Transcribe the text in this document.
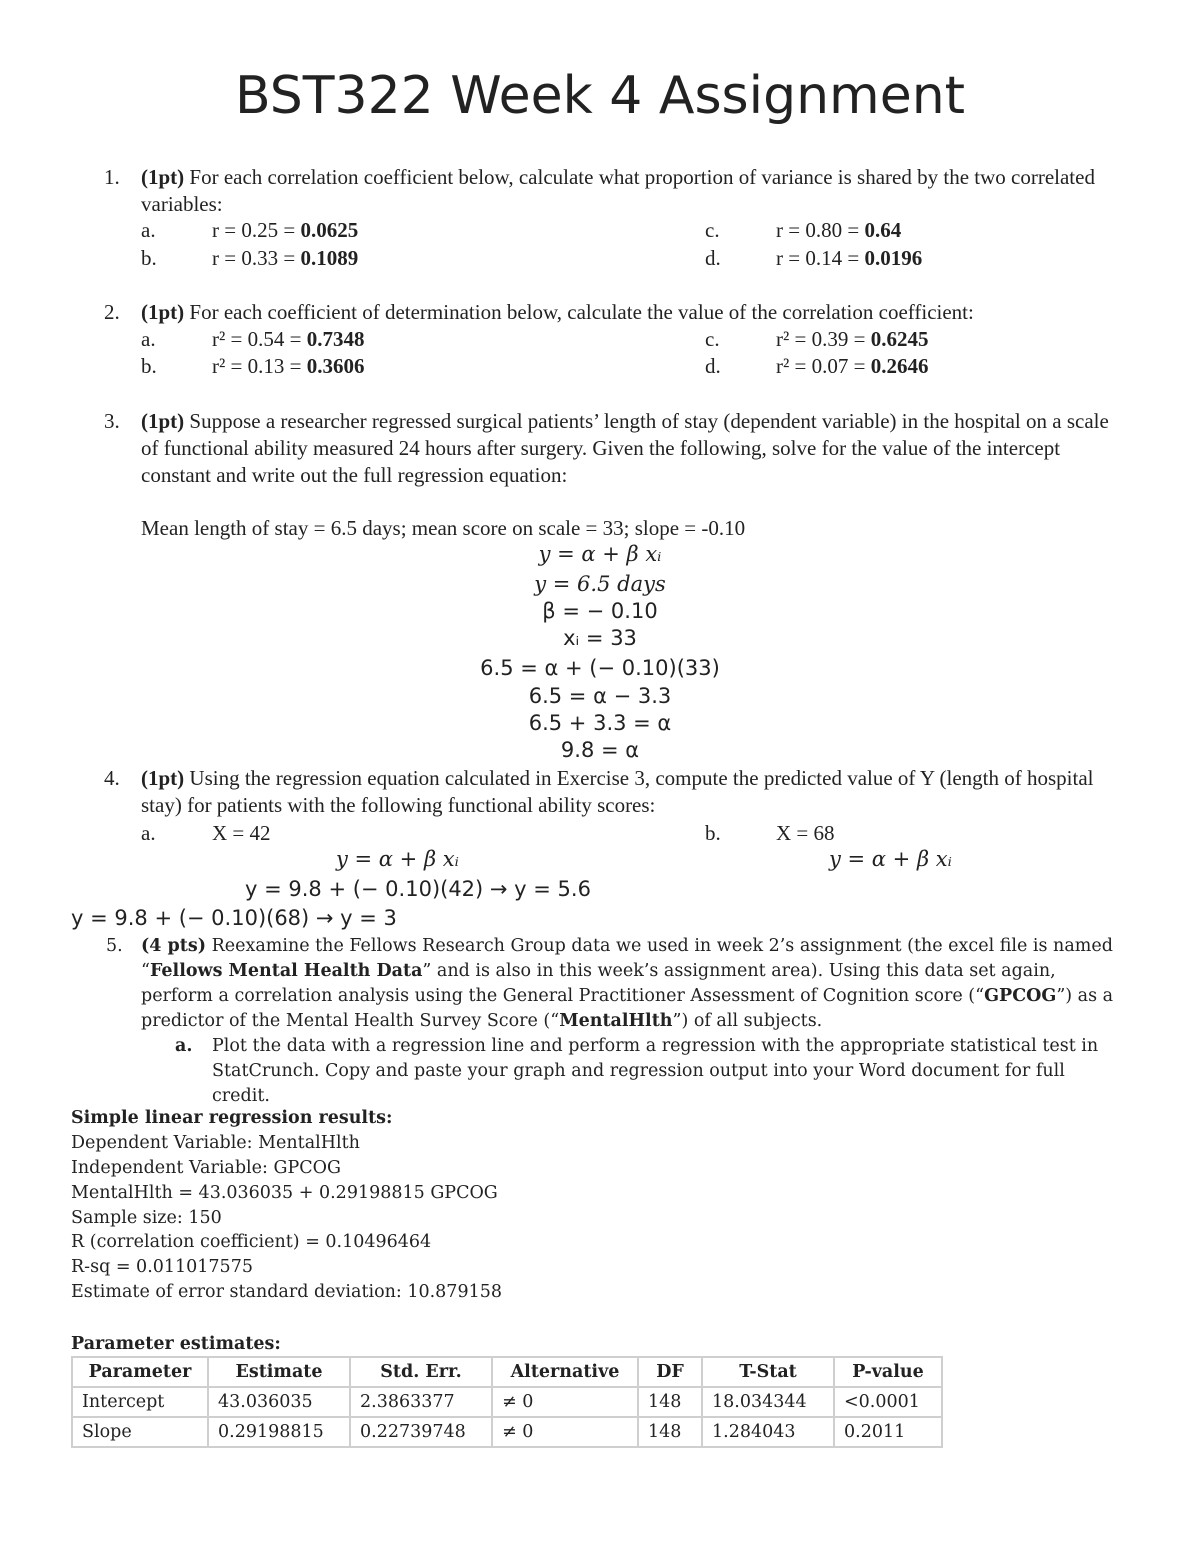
BST322 Week 4 Assignment
1. (1pt) For each correlation coefficient below, calculate what proportion of variance is shared by the two correlated variables:
a.	r = 0.25 = 0.0625
b.	r = 0.33 = 0.1089
c.	r = 0.80 = 0.64
d.	r = 0.14 = 0.0196
2. (1pt) For each coefficient of determination below, calculate the value of the correlation coefficient:
a.	r² = 0.54 = 0.7348
b.	r² = 0.13 = 0.3606
c.	r² = 0.39 = 0.6245
d.	r² = 0.07 = 0.2646
3. (1pt) Suppose a researcher regressed surgical patients’ length of stay (dependent variable) in the hospital on a scale of functional ability measured 24 hours after surgery. Given the following, solve for the value of the intercept constant and write out the full regression equation:
Mean length of stay = 6.5 days; mean score on scale = 33; slope = -0.10
y = α + β xᵢ
y = 6.5 days
β = − 0.10
xᵢ = 33
6.5 = α + (− 0.10)(33)
6.5 = α − 3.3
6.5 + 3.3 = α
9.8 = α
4. (1pt) Using the regression equation calculated in Exercise 3, compute the predicted value of Y (length of hospital stay) for patients with the following functional ability scores:
a.	X = 42	b.	X = 68
y = α + β xᵢ	y = α + β xᵢ
y = 9.8 + (− 0.10)(42) → y = 5.6
y = 9.8 + (− 0.10)(68) → y = 3
5. (4 pts) Reexamine the Fellows Research Group data we used in week 2’s assignment (the excel file is named “Fellows Mental Health Data” and is also in this week’s assignment area). Using this data set again, perform a correlation analysis using the General Practitioner Assessment of Cognition score (“GPCOG”) as a predictor of the Mental Health Survey Score (“MentalHlth”) of all subjects.
a. Plot the data with a regression line and perform a regression with the appropriate statistical test in StatCrunch. Copy and paste your graph and regression output into your Word document for full credit.
Simple linear regression results:
Dependent Variable: MentalHlth
Independent Variable: GPCOG
MentalHlth = 43.036035 + 0.29198815 GPCOG
Sample size: 150
R (correlation coefficient) = 0.10496464
R-sq = 0.011017575
Estimate of error standard deviation: 10.879158
Parameter estimates:
Parameter	Estimate	Std. Err.	Alternative	DF	T-Stat	P-value
Intercept	43.036035	2.3863377	≠ 0	148	18.034344	<0.0001
Slope	0.29198815	0.22739748	≠ 0	148	1.284043	0.2011
